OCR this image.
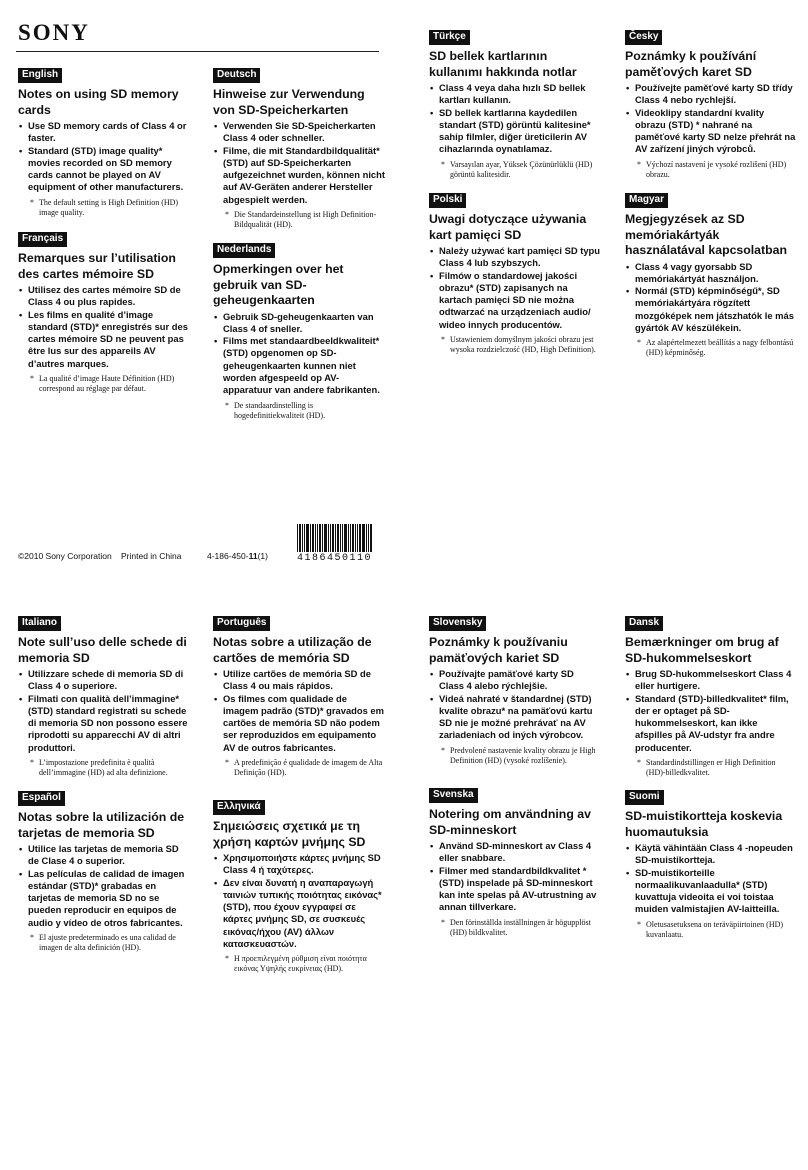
SONY
English
Notes on using SD memory cards
• Use SD memory cards of Class 4 or faster.
• Standard (STD) image quality* movies recorded on SD memory cards cannot be played on AV equipment of other manufacturers.
* The default setting is High Definition (HD) image quality.
Français
Remarques sur l’utilisation des cartes mémoire SD
• Utilisez des cartes mémoire SD de Class 4 ou plus rapides.
• Les films en qualité d’image standard (STD)* enregistrés sur des cartes mémoire SD ne peuvent pas être lus sur des appareils AV d’autres marques.
* La qualité d’image Haute Définition (HD) correspond au réglage par défaut.
Deutsch
Hinweise zur Verwendung von SD-Speicherkarten
• Verwenden Sie SD-Speicherkarten Class 4 oder schneller.
• Filme, die mit Standardbildqualität* (STD) auf SD-Speicherkarten aufgezeichnet wurden, können nicht auf AV-Geräten anderer Hersteller abgespielt werden.
* Die Standardeinstellung ist High Definition-Bildqualität (HD).
Nederlands
Opmerkingen over het gebruik van SD-geheugenkaarten
• Gebruik SD-geheugenkaarten van Class 4 of sneller.
• Films met standaardbeeldkwaliteit* (STD) opgenomen op SD-geheugenkaarten kunnen niet worden afgespeeld op AV-apparatuur van andere fabrikanten.
* De standaardinstelling is hogedefinitiekwaliteit (HD).
Türkçe
SD bellek kartlarının kullanımı hakkında notlar
• Class 4 veya daha hızlı SD bellek kartları kullanın.
• SD bellek kartlarına kaydedilen standart (STD) görüntü kalitesine* sahip filmler, diğer üreticilerin AV cihazlarında oynatılamaz.
* Varsayılan ayar, Yüksek Çözünürlüklü (HD) görüntü kalitesidir.
Polski
Uwagi dotyczące używania kart pamięci SD
• Należy używać kart pamięci SD typu Class 4 lub szybszych.
• Filmów o standardowej jakości obrazu* (STD) zapisanych na kartach pamięci SD nie można odtwarzać na urządzeniach audio/ wideo innych producentów.
* Ustawieniem domyślnym jakości obrazu jest wysoka rozdzielczość (HD, High Definition).
Česky
Poznámky k používání paměťových karet SD
• Používejte paměťové karty SD třídy Class 4 nebo rychlejší.
• Videoklipy standardní kvality obrazu (STD) * nahrané na paměťové karty SD nelze přehrát na AV zařízení jiných výrobců.
* Výchozí nastavení je vysoké rozlišení (HD) obrazu.
Magyar
Megjegyzések az SD memóriakártyák használatával kapcsolatban
• Class 4 vagy gyorsabb SD memóriakártyát használjon.
• Normál (STD) képminőségű*, SD memóriakártyára rögzített mozgóképek nem játszhatók le más gyártók AV készülékein.
* Az alapértelmezett beállítás a nagy felbontású (HD) képminőség.
©2010 Sony Corporation Printed in China	4-186-450-11(1)	4186450110
Italiano
Note sull’uso delle schede di memoria SD
• Utilizzare schede di memoria SD di Class 4 o superiore.
• Filmati con qualità dell’immagine* (STD) standard registrati su schede di memoria SD non possono essere riprodotti su apparecchi AV di altri produttori.
* L’impostazione predefinita è qualità dell’immagine (HD) ad alta definizione.
Español
Notas sobre la utilización de tarjetas de memoria SD
• Utilice las tarjetas de memoria SD de Clase 4 o superior.
• Las películas de calidad de imagen estándar (STD)* grabadas en tarjetas de memoria SD no se pueden reproducir en equipos de audio y vídeo de otros fabricantes.
* El ajuste predeterminado es una calidad de imagen de alta definición (HD).
Português
Notas sobre a utilização de cartões de memória SD
• Utilize cartões de memória SD de Class 4 ou mais rápidos.
• Os filmes com qualidade de imagem padrão (STD)* gravados em cartões de memória SD não podem ser reproduzidos em equipamento AV de outros fabricantes.
* A predefinição é qualidade de imagem de Alta Definição (HD).
Ελληνικά
Σημειώσεις σχετικά με τη χρήση καρτών μνήμης SD
• Χρησιμοποιήστε κάρτες μνήμης SD Class 4 ή ταχύτερες.
• Δεν είναι δυνατή η αναπαραγωγή ταινιών τυπικής ποιότητας εικόνας* (STD), που έχουν εγγραφεί σε κάρτες μνήμης SD, σε συσκευές εικόνας/ήχου (AV) άλλων κατασκευαστών.
* Η προεπιλεγμένη ρύθμιση είναι ποιότητα εικόνας Υψηλής ευκρίνειας (HD).
Slovensky
Poznámky k používaniu pamäťových kariet SD
• Používajte pamäťové karty SD Class 4 alebo rýchlejšie.
• Videá nahraté v štandardnej (STD) kvalite obrazu* na pamäťovú kartu SD nie je možné prehrávať na AV zariadeniach od iných výrobcov.
* Predvolené nastavenie kvality obrazu je High Definition (HD) (vysoké rozlíšenie).
Svenska
Notering om användning av SD-minneskort
• Använd SD-minneskort av Class 4 eller snabbare.
• Filmer med standardbildkvalitet * (STD) inspelade på SD-minneskort kan inte spelas på AV-utrustning av annan tillverkare.
* Den förinställda inställningen är högupplöst (HD) bildkvalitet.
Dansk
Bemærkninger om brug af SD-hukommelseskort
• Brug SD-hukommelseskort Class 4 eller hurtigere.
• Standard (STD)-billedkvalitet* film, der er optaget på SD-hukommelseskort, kan ikke afspilles på AV-udstyr fra andre producenter.
* Standardindstillingen er High Definition (HD)-billedkvalitet.
Suomi
SD-muistikortteja koskevia huomautuksia
• Käytä vähintään Class 4 -nopeuden SD-muistikortteja.
• SD-muistikorteille normaalikuvanlaadulla* (STD) kuvattuja videoita ei voi toistaa muiden valmistajien AV-laitteilla.
* Oletusasetuksena on teräväpiirtoinen (HD) kuvanlaatu.
